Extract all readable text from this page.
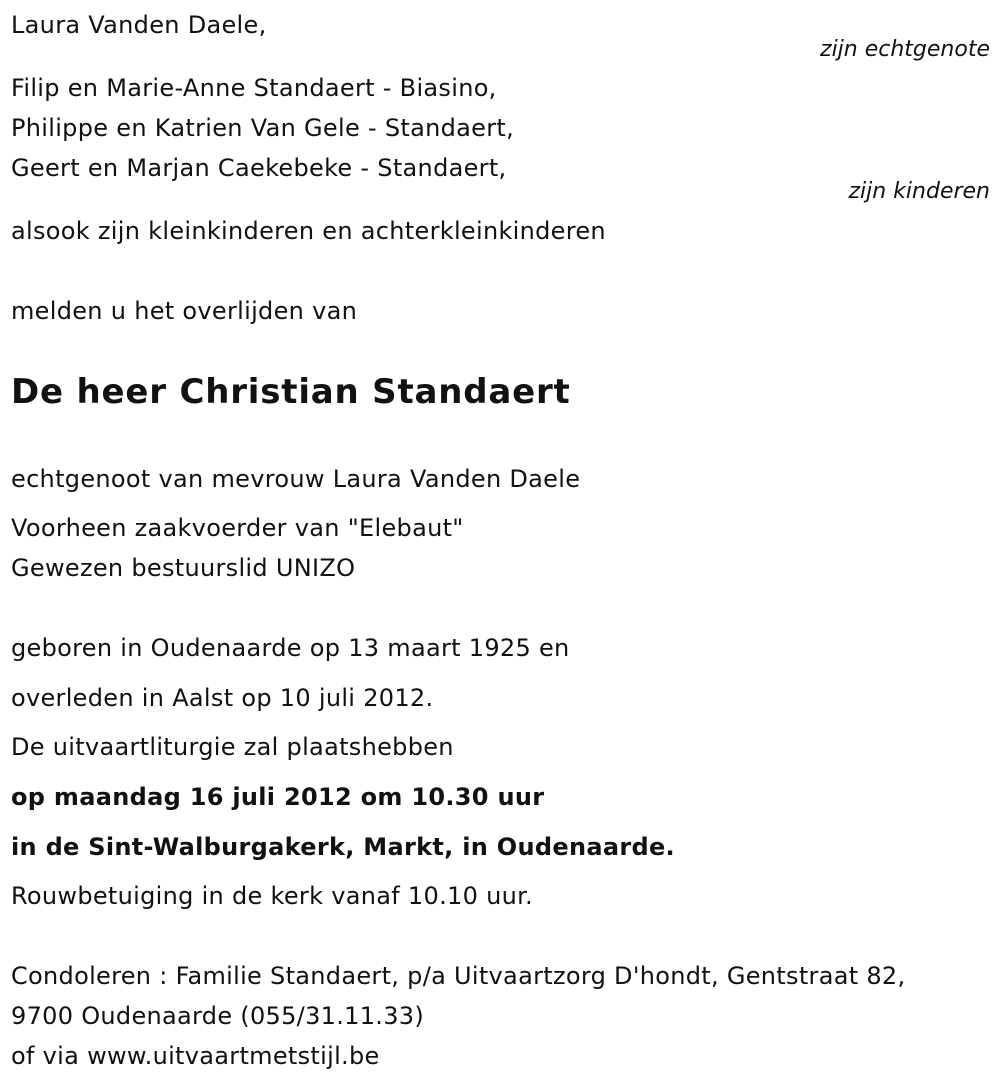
Laura Vanden Daele,
zijn echtgenote
Filip en Marie-Anne Standaert - Biasino,
Philippe en Katrien Van Gele - Standaert,
Geert en Marjan Caekebeke - Standaert,
zijn kinderen
alsook zijn kleinkinderen en achterkleinkinderen
melden u het overlijden van
De heer Christian Standaert
echtgenoot van mevrouw Laura Vanden Daele
Voorheen zaakvoerder van "Elebaut"
Gewezen bestuurslid UNIZO
geboren in Oudenaarde op 13 maart 1925 en
overleden in Aalst op 10 juli 2012.
De uitvaartliturgie zal plaatshebben
op maandag 16 juli 2012 om 10.30 uur
in de Sint-Walburgakerk, Markt, in Oudenaarde.
Rouwbetuiging in de kerk vanaf 10.10 uur.
Condoleren : Familie Standaert, p/a Uitvaartzorg D'hondt, Gentstraat 82,
9700 Oudenaarde (055/31.11.33)
of via www.uitvaartmetstijl.be
